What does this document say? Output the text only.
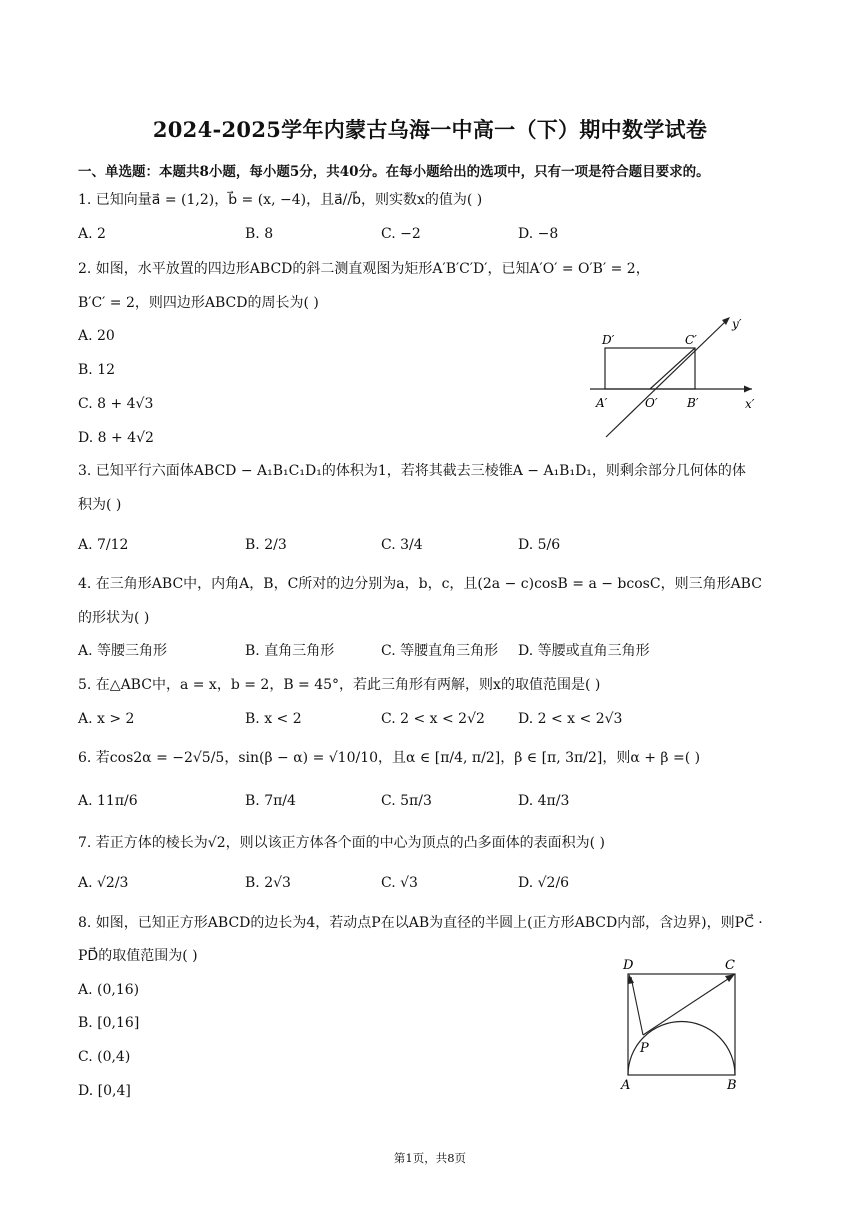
2024-2025学年内蒙古乌海一中高一（下）期中数学试卷
一、单选题：本题共8小题，每小题5分，共40分。在每小题给出的选项中，只有一项是符合题目要求的。
1. 已知向量a⃗ = (1,2)，b⃗ = (x, −4)，且a⃗//b⃗，则实数x的值为( )
A. 2	B. 8	C. −2	D. −8
2. 如图，水平放置的四边形ABCD的斜二测直观图为矩形A′B′C′D′，已知A′O′ = O′B′ = 2，
B′C′ = 2，则四边形ABCD的周长为( )
A. 20
B. 12
C. 8 + 4√3
D. 8 + 4√2
D′	C′
A′	O′ B′	x′
y′
3. 已知平行六面体ABCD − A₁B₁C₁D₁的体积为1，若将其截去三棱锥A − A₁B₁D₁，则剩余部分几何体的体
积为( )
A. 7/12	B. 2/3	C. 3/4	D. 5/6
4. 在三角形ABC中，内角A，B，C所对的边分别为a，b，c，且(2a − c)cosB = a − bcosC，则三角形ABC
的形状为( )
A. 等腰三角形	B. 直角三角形	C. 等腰直角三角形 D. 等腰或直角三角形
5. 在△ABC中，a = x，b = 2，B = 45°，若此三角形有两解，则x的取值范围是( )
A. x > 2	B. x < 2	C. 2 < x < 2√2 D. 2 < x < 2√3
6. 若cos2α = −2√5/5，sin(β − α) = √10/10，且α ∈ [π/4, π/2]，β ∈ [π, 3π/2]，则α + β =( )
A. 11π/6	B. 7π/4	C. 5π/3	D. 4π/3
7. 若正方体的棱长为√2，则以该正方体各个面的中心为顶点的凸多面体的表面积为( )
A. √2/3	B. 2√3	C. √3	D. √2/6
8. 如图，已知正方形ABCD的边长为4，若动点P在以AB为直径的半圆上(正方形ABCD内部，含边界)，则PC⃗ ·
PD⃗的取值范围为( )
A. (0,16)
B. [0,16]
C. (0,4)
D. [0,4]
D	C
A	B
P
第1页，共8页
